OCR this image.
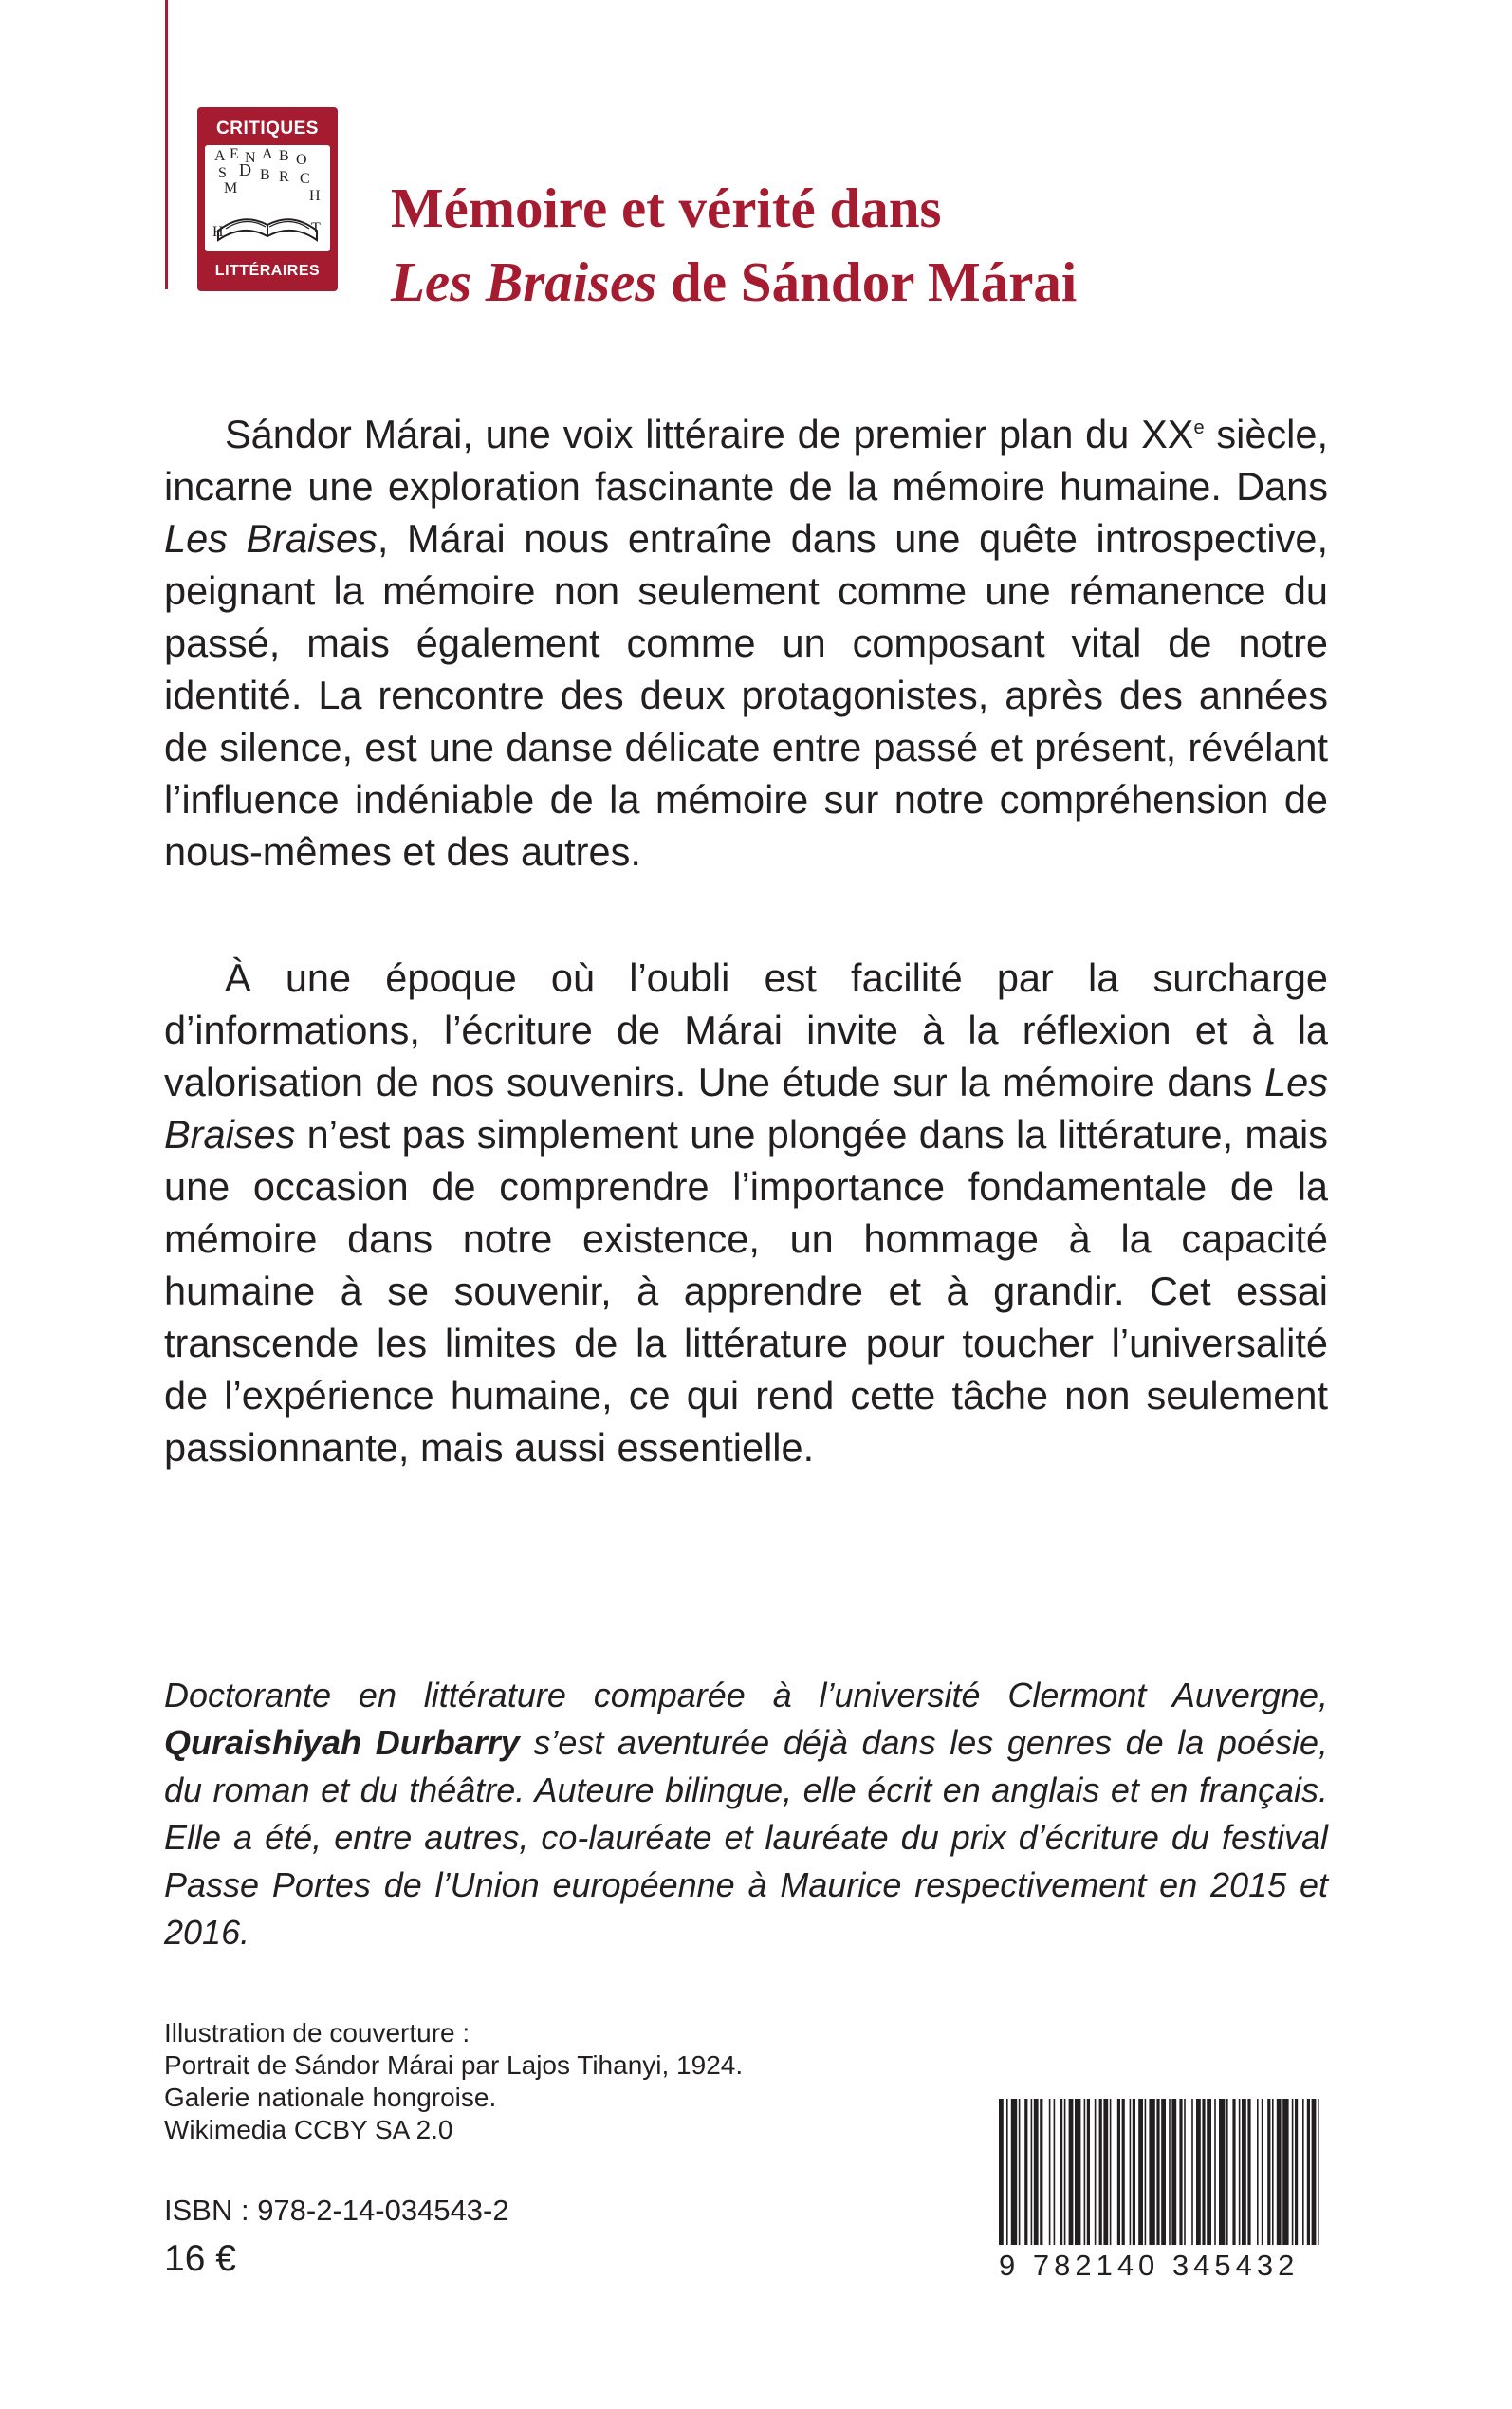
CRITIQUES
A E N A B O
S D B R C
M	H
H	T
LITTÉRAIRES
Mémoire et vérité dans
Les Braises de Sándor Márai

Sándor Márai, une voix littéraire de premier plan du XXe siècle, incarne une exploration fascinante de la mémoire humaine. Dans Les Braises, Márai nous entraîne dans une quête introspective, peignant la mémoire non seulement comme une rémanence du passé, mais également comme un composant vital de notre identité. La rencontre des deux protagonistes, après des années de silence, est une danse délicate entre passé et présent, révélant l’influence indéniable de la mémoire sur notre compréhension de nous-mêmes et des autres.

À une époque où l’oubli est facilité par la surcharge d’informations, l’écriture de Márai invite à la réflexion et à la valorisation de nos souvenirs. Une étude sur la mémoire dans Les Braises n’est pas simplement une plongée dans la littérature, mais une occasion de comprendre l’importance fondamentale de la mémoire dans notre existence, un hommage à la capacité humaine à se souvenir, à apprendre et à grandir. Cet essai transcende les limites de la littérature pour toucher l’universalité de l’expérience humaine, ce qui rend cette tâche non seulement passionnante, mais aussi essentielle.

Doctorante en littérature comparée à l’université Clermont Auvergne, Quraishiyah Durbarry s’est aventurée déjà dans les genres de la poésie, du roman et du théâtre. Auteure bilingue, elle écrit en anglais et en français. Elle a été, entre autres, co-lauréate et lauréate du prix d’écriture du festival Passe Portes de l’Union européenne à Maurice respectivement en 2015 et 2016.

Illustration de couverture :
Portrait de Sándor Márai par Lajos Tihanyi, 1924.
Galerie nationale hongroise.
Wikimedia CCBY SA 2.0
ISBN : 978-2-14-034543-2
16 €	9 782140 345432
